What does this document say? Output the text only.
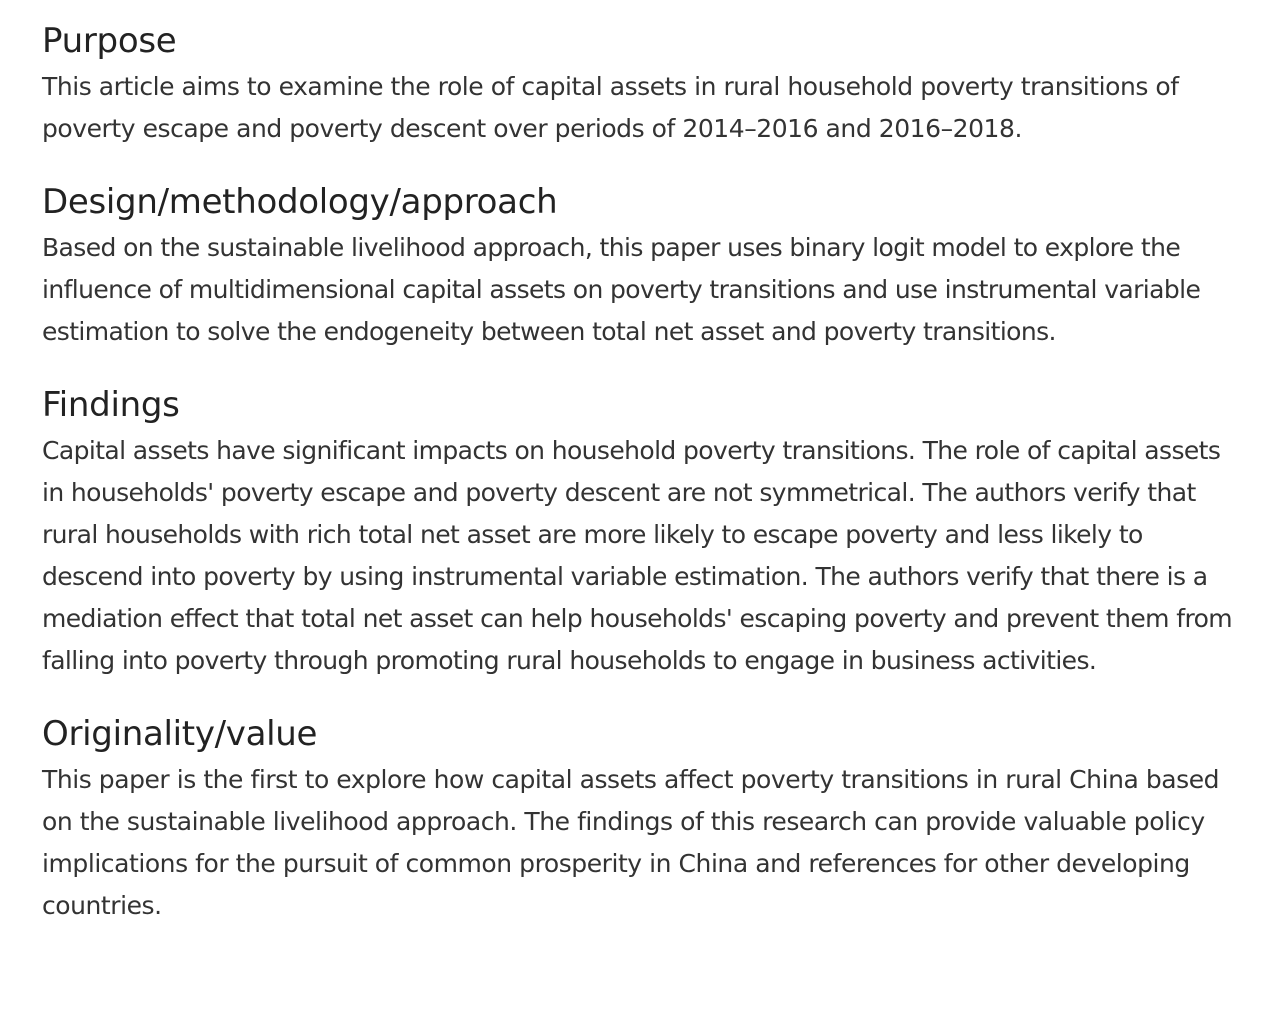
Purpose

This article aims to examine the role of capital assets in rural household poverty transitions of poverty escape and poverty descent over periods of 2014–2016 and 2016–2018.

Design/methodology/approach

Based on the sustainable livelihood approach, this paper uses binary logit model to explore the influence of multidimensional capital assets on poverty transitions and use instrumental variable estimation to solve the endogeneity between total net asset and poverty transitions.

Findings

Capital assets have significant impacts on household poverty transitions. The role of capital assets in households' poverty escape and poverty descent are not symmetrical. The authors verify that rural households with rich total net asset are more likely to escape poverty and less likely to descend into poverty by using instrumental variable estimation. The authors verify that there is a mediation effect that total net asset can help households' escaping poverty and prevent them from falling into poverty through promoting rural households to engage in business activities.

Originality/value

This paper is the first to explore how capital assets affect poverty transitions in rural China based on the sustainable livelihood approach. The findings of this research can provide valuable policy implications for the pursuit of common prosperity in China and references for other developing countries.
